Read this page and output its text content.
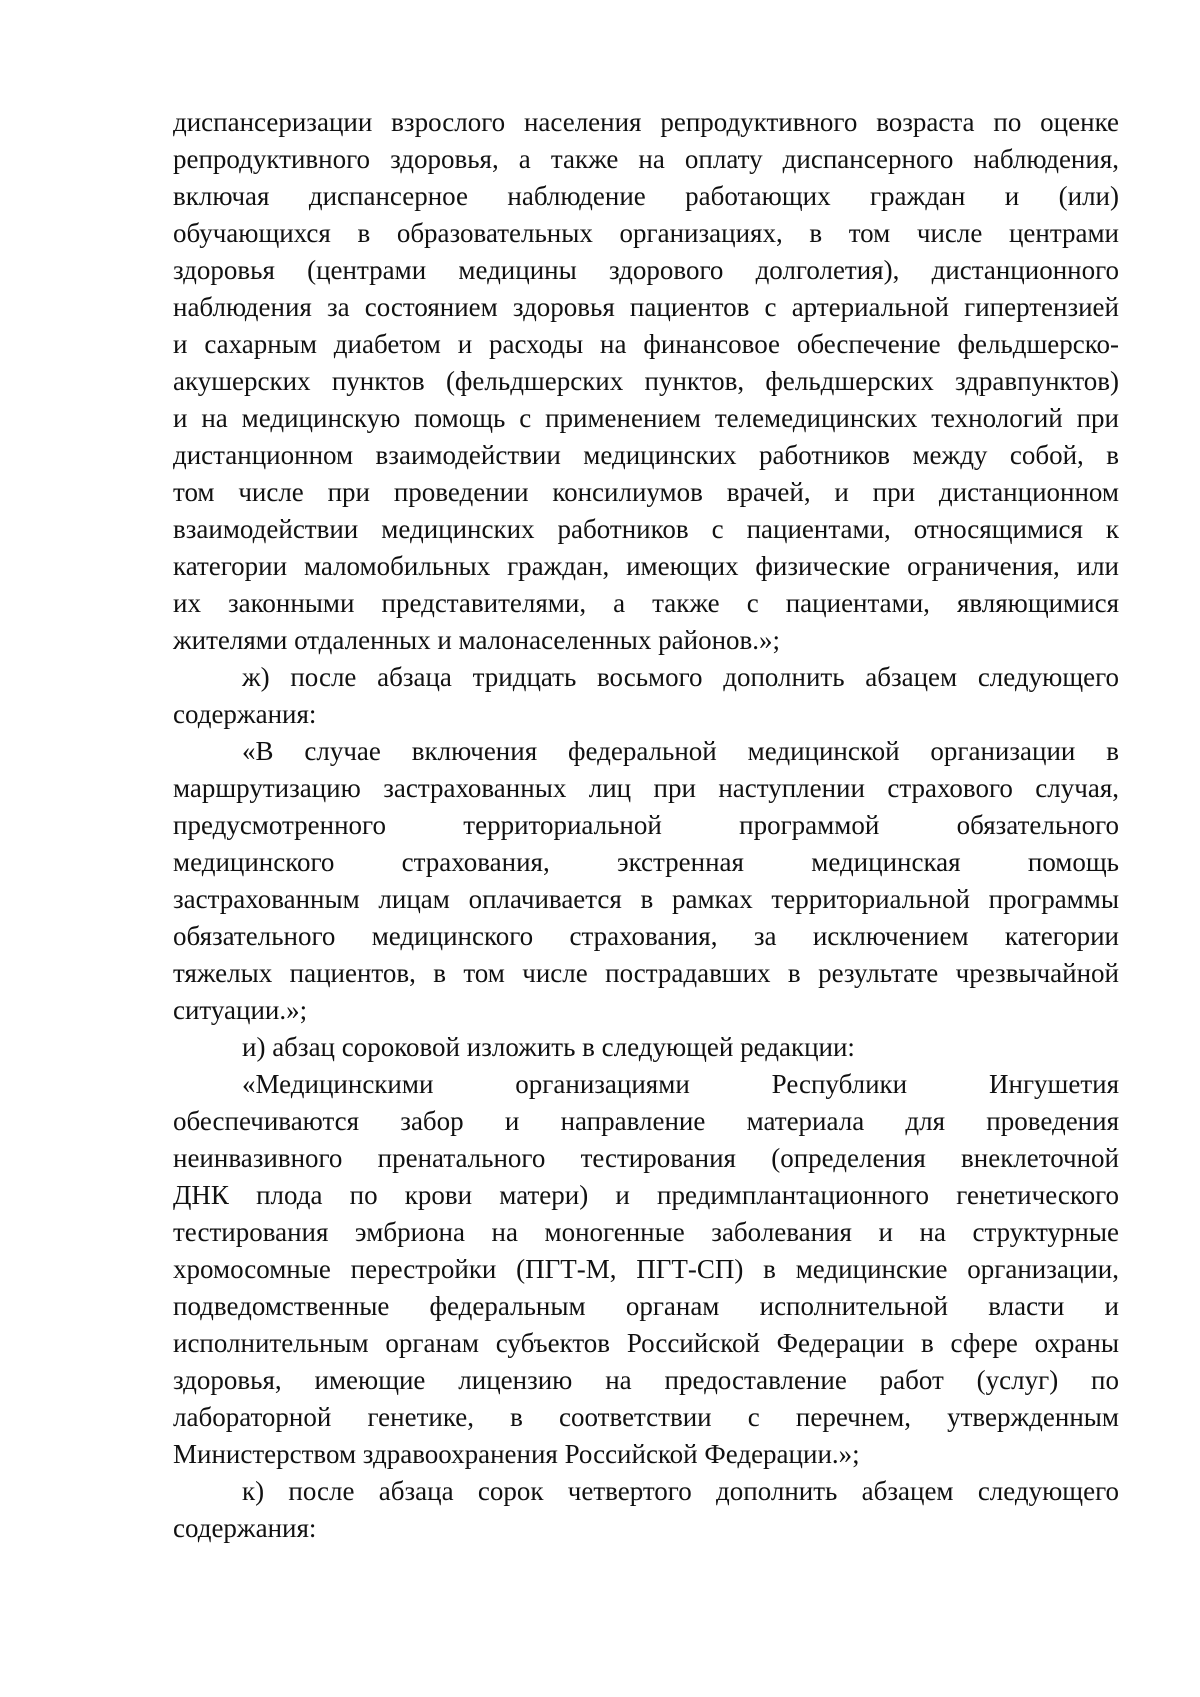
диспансеризации взрослого населения репродуктивного возраста по оценке
репродуктивного здоровья, а также на оплату диспансерного наблюдения,
включая диспансерное наблюдение работающих граждан и (или)
обучающихся в образовательных организациях, в том числе центрами
здоровья (центрами медицины здорового долголетия), дистанционного
наблюдения за состоянием здоровья пациентов с артериальной гипертензией
и сахарным диабетом и расходы на финансовое обеспечение фельдшерско-
акушерских пунктов (фельдшерских пунктов, фельдшерских здравпунктов)
и на медицинскую помощь с применением телемедицинских технологий при
дистанционном взаимодействии медицинских работников между собой, в
том числе при проведении консилиумов врачей, и при дистанционном
взаимодействии медицинских работников с пациентами, относящимися к
категории маломобильных граждан, имеющих физические ограничения, или
их законными представителями, а также с пациентами, являющимися
жителями отдаленных и малонаселенных районов.»;
ж) после абзаца тридцать восьмого дополнить абзацем следующего
содержания:
«В случае включения федеральной медицинской организации в
маршрутизацию застрахованных лиц при наступлении страхового случая,
предусмотренного территориальной программой обязательного
медицинского страхования, экстренная медицинская помощь
застрахованным лицам оплачивается в рамках территориальной программы
обязательного медицинского страхования, за исключением категории
тяжелых пациентов, в том числе пострадавших в результате чрезвычайной
ситуации.»;
и) абзац сороковой изложить в следующей редакции:
«Медицинскими организациями Республики Ингушетия
обеспечиваются забор и направление материала для проведения
неинвазивного пренатального тестирования (определения внеклеточной
ДНК плода по крови матери) и предимплантационного генетического
тестирования эмбриона на моногенные заболевания и на структурные
хромосомные перестройки (ПГТ-М, ПГТ-СП) в медицинские организации,
подведомственные федеральным органам исполнительной власти и
исполнительным органам субъектов Российской Федерации в сфере охраны
здоровья, имеющие лицензию на предоставление работ (услуг) по
лабораторной генетике, в соответствии с перечнем, утвержденным
Министерством здравоохранения Российской Федерации.»;
к) после абзаца сорок четвертого дополнить абзацем следующего
содержания:
